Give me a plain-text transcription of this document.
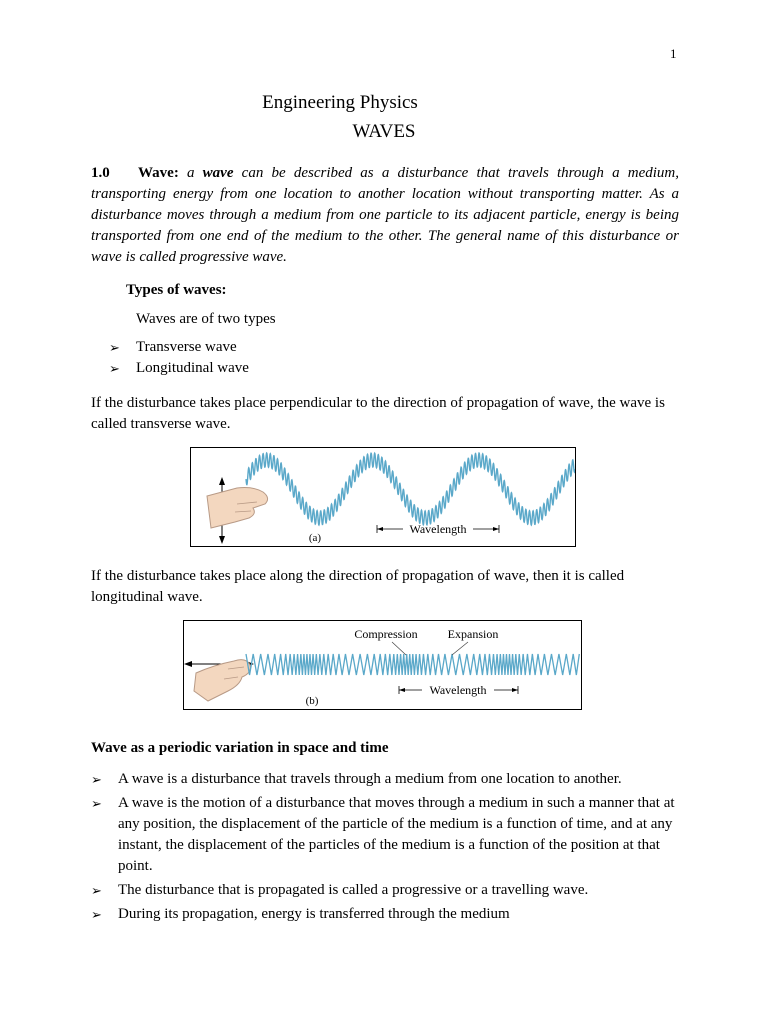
1
Engineering Physics
WAVES
1.0 Wave: a wave can be described as a disturbance that travels through a medium, transporting energy from one location to another location without transporting matter. As a disturbance moves through a medium from one particle to its adjacent particle, energy is being transported from one end of the medium to the other. The general name of this disturbance or wave is called progressive wave.
Types of waves:
Waves are of two types
➢ Transverse wave
➢ Longitudinal wave
If the disturbance takes place perpendicular to the direction of propagation of wave, the wave is called transverse wave.
Wavelength
(a)
If the disturbance takes place along the direction of propagation of wave, then it is called longitudinal wave.
Compression Expansion
Wavelength
(b)
Wave as a periodic variation in space and time
➢ A wave is a disturbance that travels through a medium from one location to another.
➢ A wave is the motion of a disturbance that moves through a medium in such a manner that at any position, the displacement of the particle of the medium is a function of time, and at any instant, the displacement of the particles of the medium is a function of the position at that point.
➢ The disturbance that is propagated is called a progressive or a travelling wave.
➢ During its propagation, energy is transferred through the medium
